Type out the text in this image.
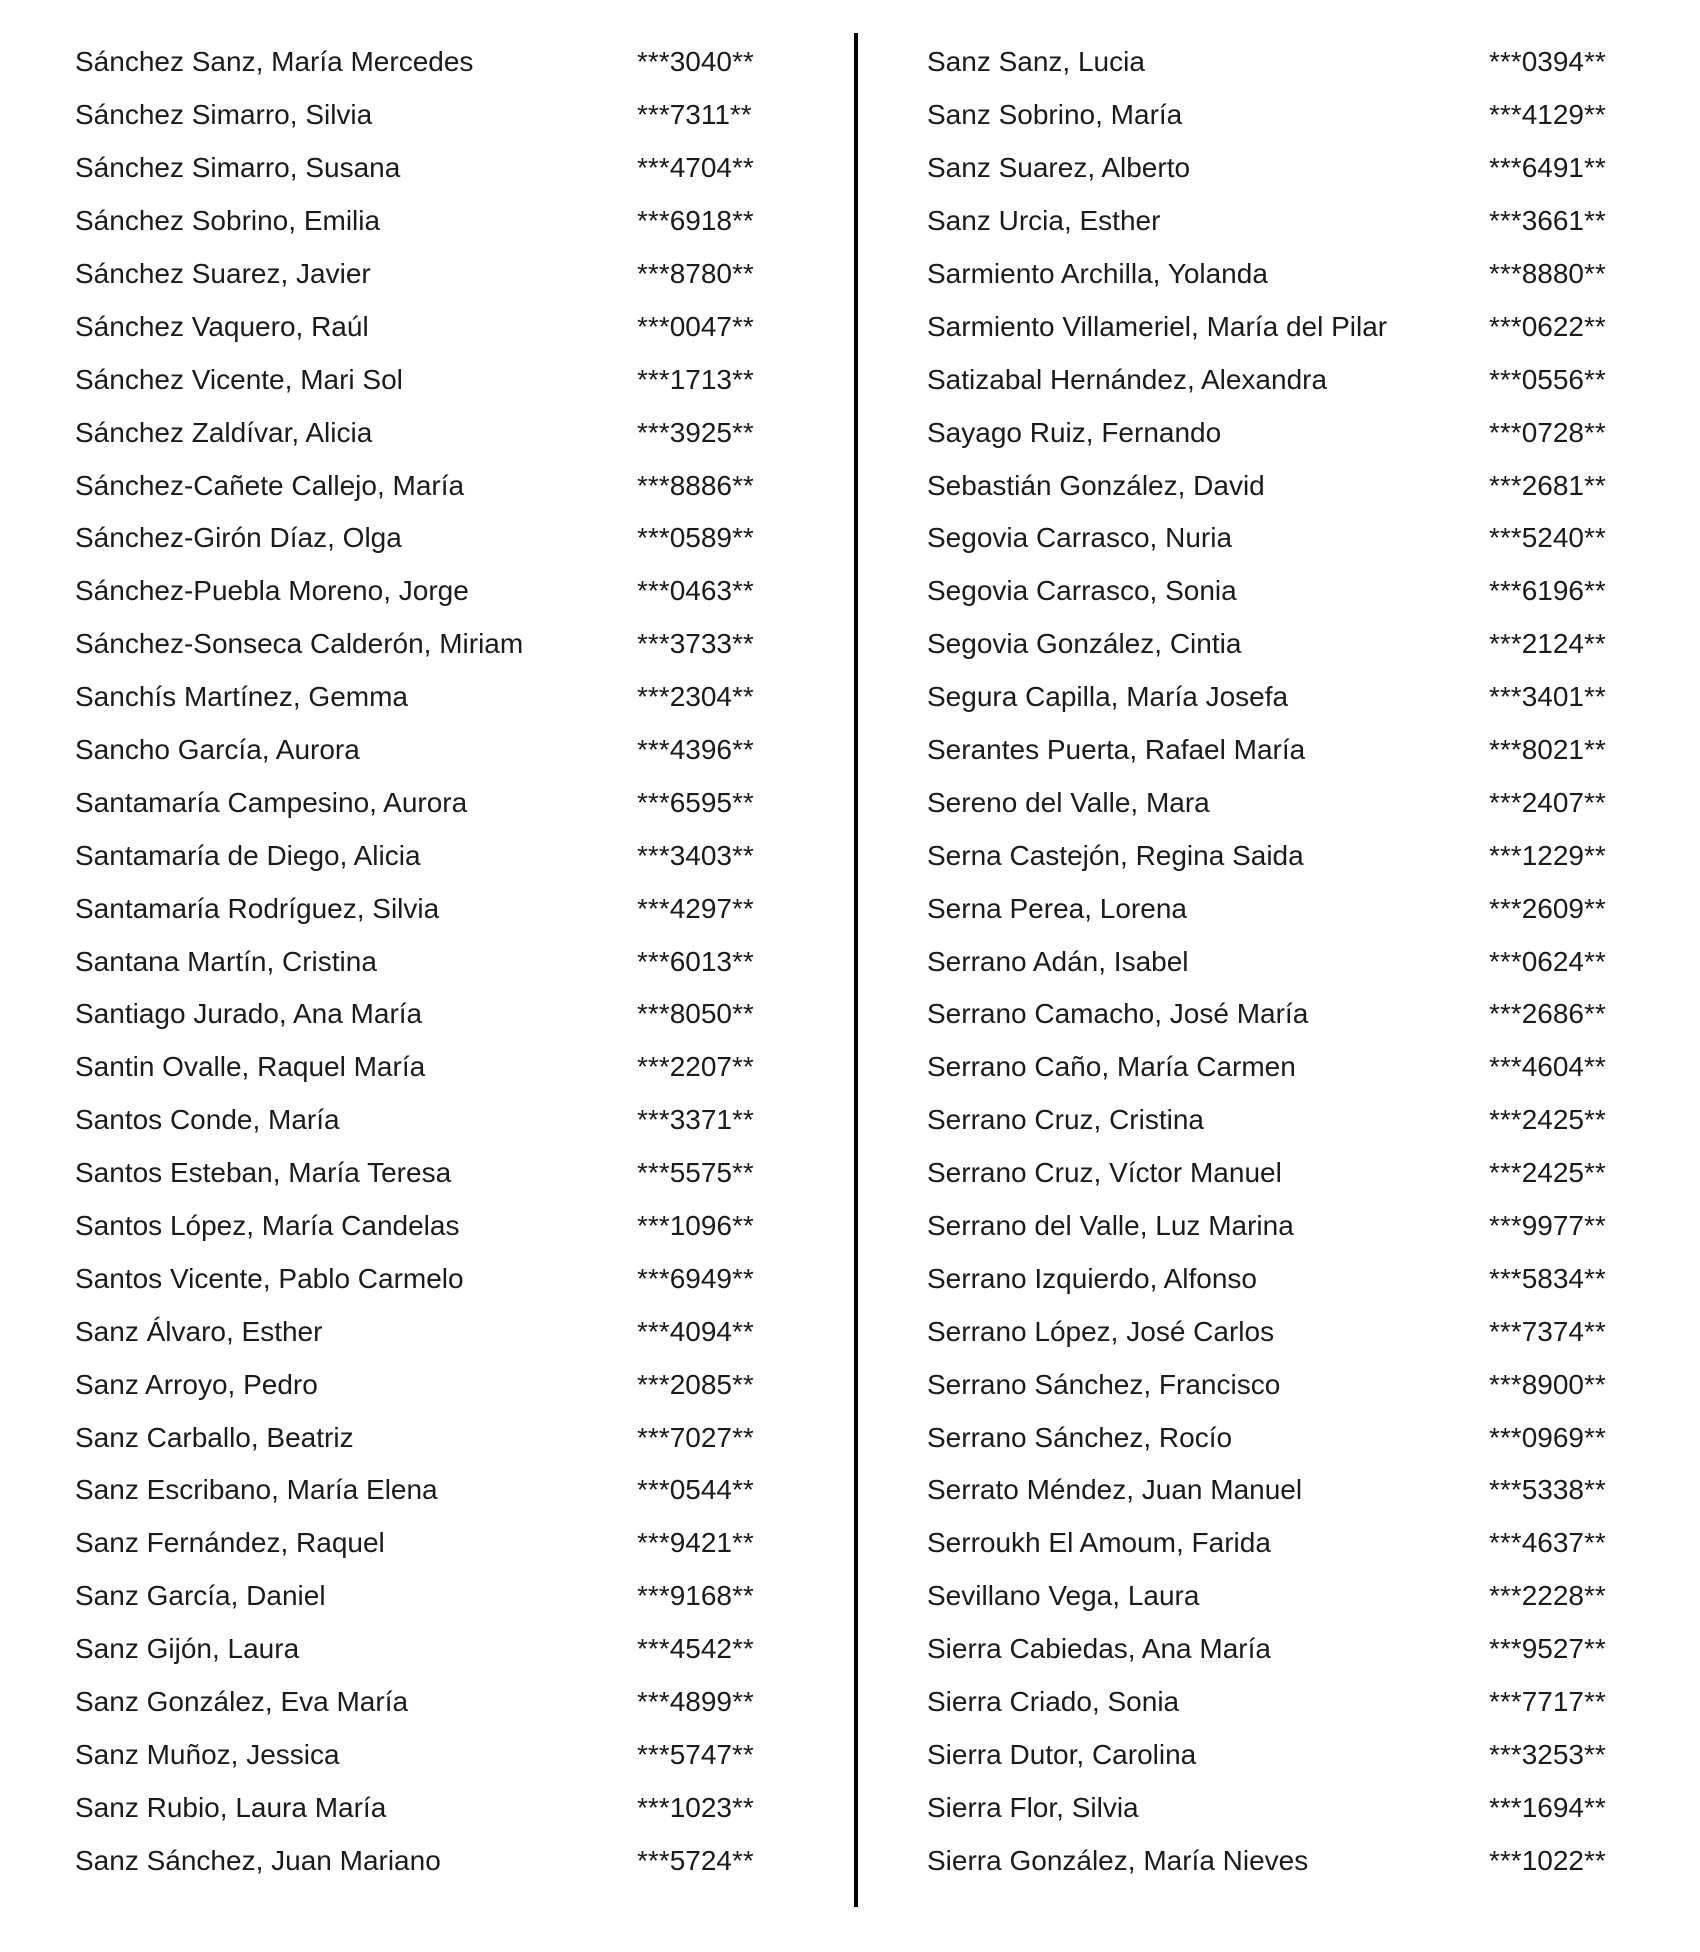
Sánchez Sanz, María Mercedes	***3040**
Sánchez Simarro, Silvia	***7311**
Sánchez Simarro, Susana	***4704**
Sánchez Sobrino, Emilia	***6918**
Sánchez Suarez, Javier	***8780**
Sánchez Vaquero, Raúl	***0047**
Sánchez Vicente, Mari Sol	***1713**
Sánchez Zaldívar, Alicia	***3925**
Sánchez-Cañete Callejo, María	***8886**
Sánchez-Girón Díaz, Olga	***0589**
Sánchez-Puebla Moreno, Jorge	***0463**
Sánchez-Sonseca Calderón, Miriam	***3733**
Sanchís Martínez, Gemma	***2304**
Sancho García, Aurora	***4396**
Santamaría Campesino, Aurora	***6595**
Santamaría de Diego, Alicia	***3403**
Santamaría Rodríguez, Silvia	***4297**
Santana Martín, Cristina	***6013**
Santiago Jurado, Ana María	***8050**
Santin Ovalle, Raquel María	***2207**
Santos Conde, María	***3371**
Santos Esteban, María Teresa	***5575**
Santos López, María Candelas	***1096**
Santos Vicente, Pablo Carmelo	***6949**
Sanz Álvaro, Esther	***4094**
Sanz Arroyo, Pedro	***2085**
Sanz Carballo, Beatriz	***7027**
Sanz Escribano, María Elena	***0544**
Sanz Fernández, Raquel	***9421**
Sanz García, Daniel	***9168**
Sanz Gijón, Laura	***4542**
Sanz González, Eva María	***4899**
Sanz Muñoz, Jessica	***5747**
Sanz Rubio, Laura María	***1023**
Sanz Sánchez, Juan Mariano	***5724**
Sanz Sanz, Lucia	***0394**
Sanz Sobrino, María	***4129**
Sanz Suarez, Alberto	***6491**
Sanz Urcia, Esther	***3661**
Sarmiento Archilla, Yolanda	***8880**
Sarmiento Villameriel, María del Pilar	***0622**
Satizabal Hernández, Alexandra	***0556**
Sayago Ruiz, Fernando	***0728**
Sebastián González, David	***2681**
Segovia Carrasco, Nuria	***5240**
Segovia Carrasco, Sonia	***6196**
Segovia González, Cintia	***2124**
Segura Capilla, María Josefa	***3401**
Serantes Puerta, Rafael María	***8021**
Sereno del Valle, Mara	***2407**
Serna Castejón, Regina Saida	***1229**
Serna Perea, Lorena	***2609**
Serrano Adán, Isabel	***0624**
Serrano Camacho, José María	***2686**
Serrano Caño, María Carmen	***4604**
Serrano Cruz, Cristina	***2425**
Serrano Cruz, Víctor Manuel	***2425**
Serrano del Valle, Luz Marina	***9977**
Serrano Izquierdo, Alfonso	***5834**
Serrano López, José Carlos	***7374**
Serrano Sánchez, Francisco	***8900**
Serrano Sánchez, Rocío	***0969**
Serrato Méndez, Juan Manuel	***5338**
Serroukh El Amoum, Farida	***4637**
Sevillano Vega, Laura	***2228**
Sierra Cabiedas, Ana María	***9527**
Sierra Criado, Sonia	***7717**
Sierra Dutor, Carolina	***3253**
Sierra Flor, Silvia	***1694**
Sierra González, María Nieves	***1022**
